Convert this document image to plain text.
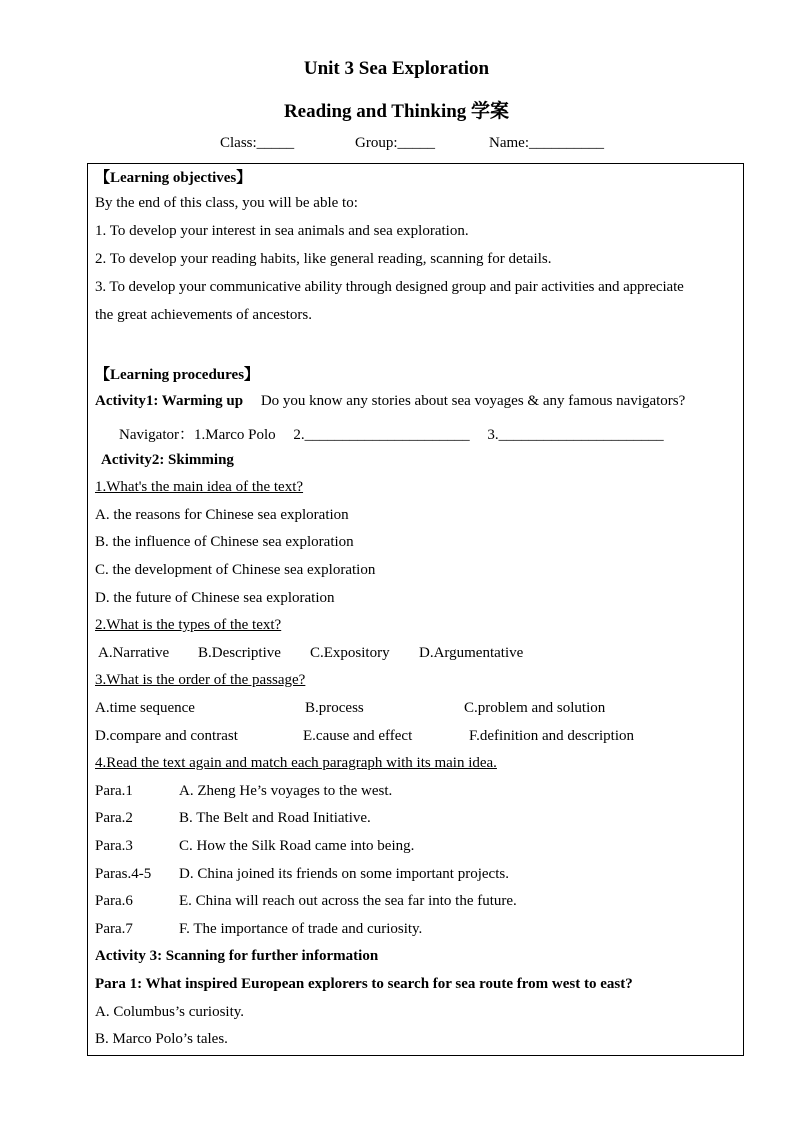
Unit 3 Sea Exploration
Reading and Thinking 学案
Class:_____	Group:_____	Name:__________
【Learning objectives】
By the end of this class, you will be able to:
1. To develop your interest in sea animals and sea exploration.
2. To develop your reading habits, like general reading, scanning for details.
3. To develop your communicative ability through designed group and pair activities and appreciate
the great achievements of ancestors.
【Learning procedures】
Activity1: Warming up Do you know any stories about sea voyages & any famous navigators?
Navigator：1.Marco Polo 2.______________________ 3.______________________
Activity2: Skimming
1.What's the main idea of the text?
A. the reasons for Chinese sea exploration
B. the influence of Chinese sea exploration
C. the development of Chinese sea exploration
D. the future of Chinese sea exploration
2.What is the types of the text?
A.Narrative B.Descriptive C.Expository D.Argumentative
3.What is the order of the passage?
A.time sequence	B.process	C.problem and solution
D.compare and contrast	E.cause and effect	F.definition and description
4.Read the text again and match each paragraph with its main idea.
Para.1	A. Zheng He’s voyages to the west.
Para.2	B. The Belt and Road Initiative.
Para.3	C. How the Silk Road came into being.
Paras.4-5 D. China joined its friends on some important projects.
Para.6	E. China will reach out across the sea far into the future.
Para.7	F. The importance of trade and curiosity.
Activity 3: Scanning for further information
Para 1: What inspired European explorers to search for sea route from west to east?
A. Columbus’s curiosity.
B. Marco Polo’s tales.
